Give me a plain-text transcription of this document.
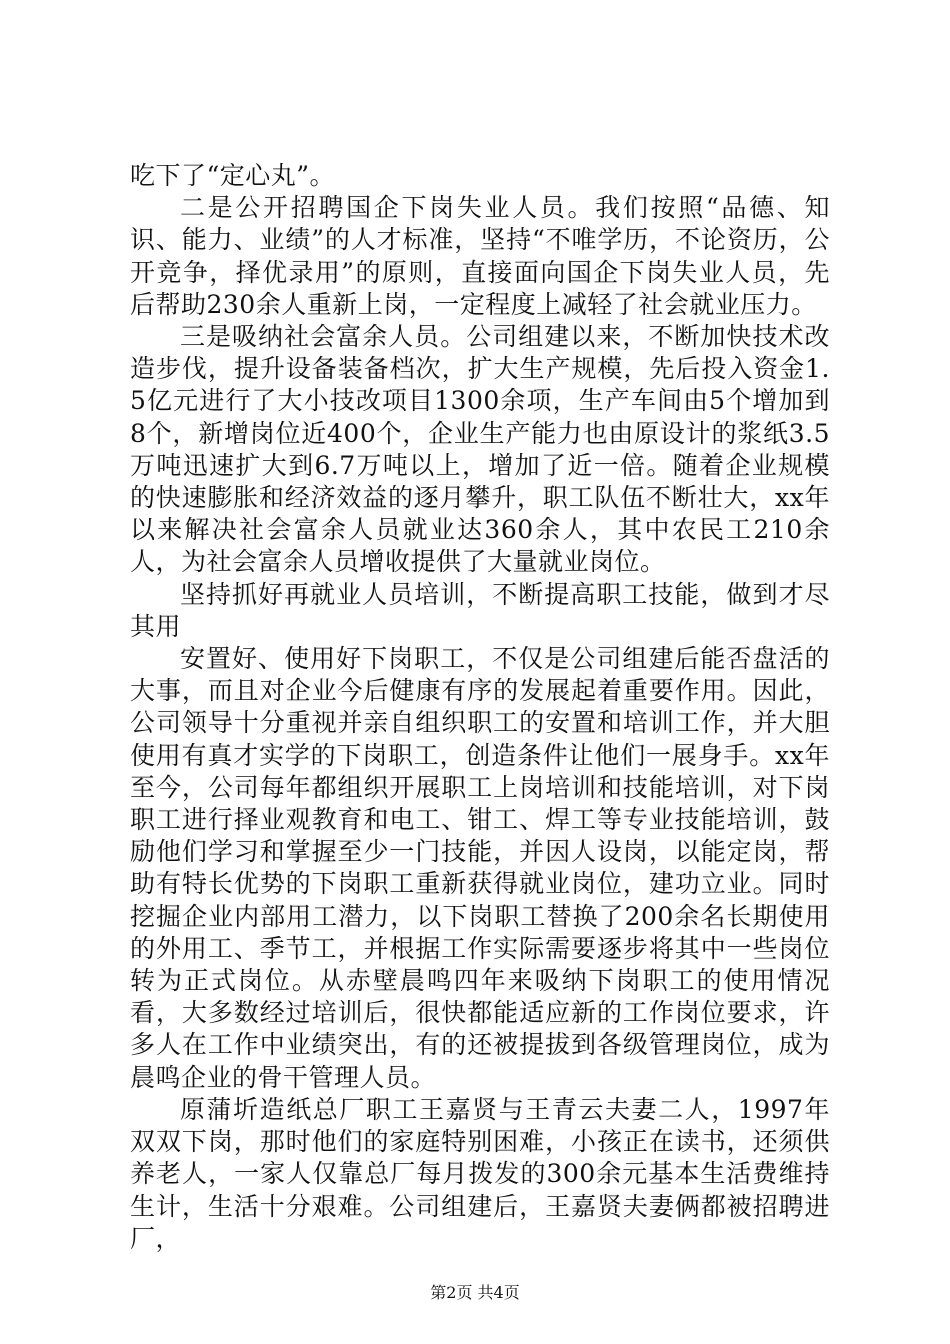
吃下了“定心丸”。

二是公开招聘国企下岗失业人员。我们按照“品德、知识、能力、业绩”的人才标准，坚持“不唯学历，不论资历，公开竞争，择优录用”的原则，直接面向国企下岗失业人员，先后帮助230余人重新上岗，一定程度上减轻了社会就业压力。

三是吸纳社会富余人员。公司组建以来，不断加快技术改造步伐，提升设备装备档次，扩大生产规模，先后投入资金1.5亿元进行了大小技改项目1300余项，生产车间由5个增加到8个，新增岗位近400个，企业生产能力也由原设计的浆纸3.5万吨迅速扩大到6.7万吨以上，增加了近一倍。随着企业规模的快速膨胀和经济效益的逐月攀升，职工队伍不断壮大，xx年以来解决社会富余人员就业达360余人，其中农民工210余人，为社会富余人员增收提供了大量就业岗位。

坚持抓好再就业人员培训，不断提高职工技能，做到才尽其用

安置好、使用好下岗职工，不仅是公司组建后能否盘活的大事，而且对企业今后健康有序的发展起着重要作用。因此，公司领导十分重视并亲自组织职工的安置和培训工作，并大胆使用有真才实学的下岗职工，创造条件让他们一展身手。xx年至今，公司每年都组织开展职工上岗培训和技能培训，对下岗职工进行择业观教育和电工、钳工、焊工等专业技能培训，鼓励他们学习和掌握至少一门技能，并因人设岗，以能定岗，帮助有特长优势的下岗职工重新获得就业岗位，建功立业。同时挖掘企业内部用工潜力，以下岗职工替换了200余名长期使用的外用工、季节工，并根据工作实际需要逐步将其中一些岗位转为正式岗位。从赤壁晨鸣四年来吸纳下岗职工的使用情况看，大多数经过培训后，很快都能适应新的工作岗位要求，许多人在工作中业绩突出，有的还被提拔到各级管理岗位，成为晨鸣企业的骨干管理人员。

原蒲圻造纸总厂职工王嘉贤与王青云夫妻二人，1997年双双下岗，那时他们的家庭特别困难，小孩正在读书，还须供养老人，一家人仅靠总厂每月拨发的300余元基本生活费维持生计，生活十分艰难。公司组建后，王嘉贤夫妻俩都被招聘进厂，

第2页 共4页
